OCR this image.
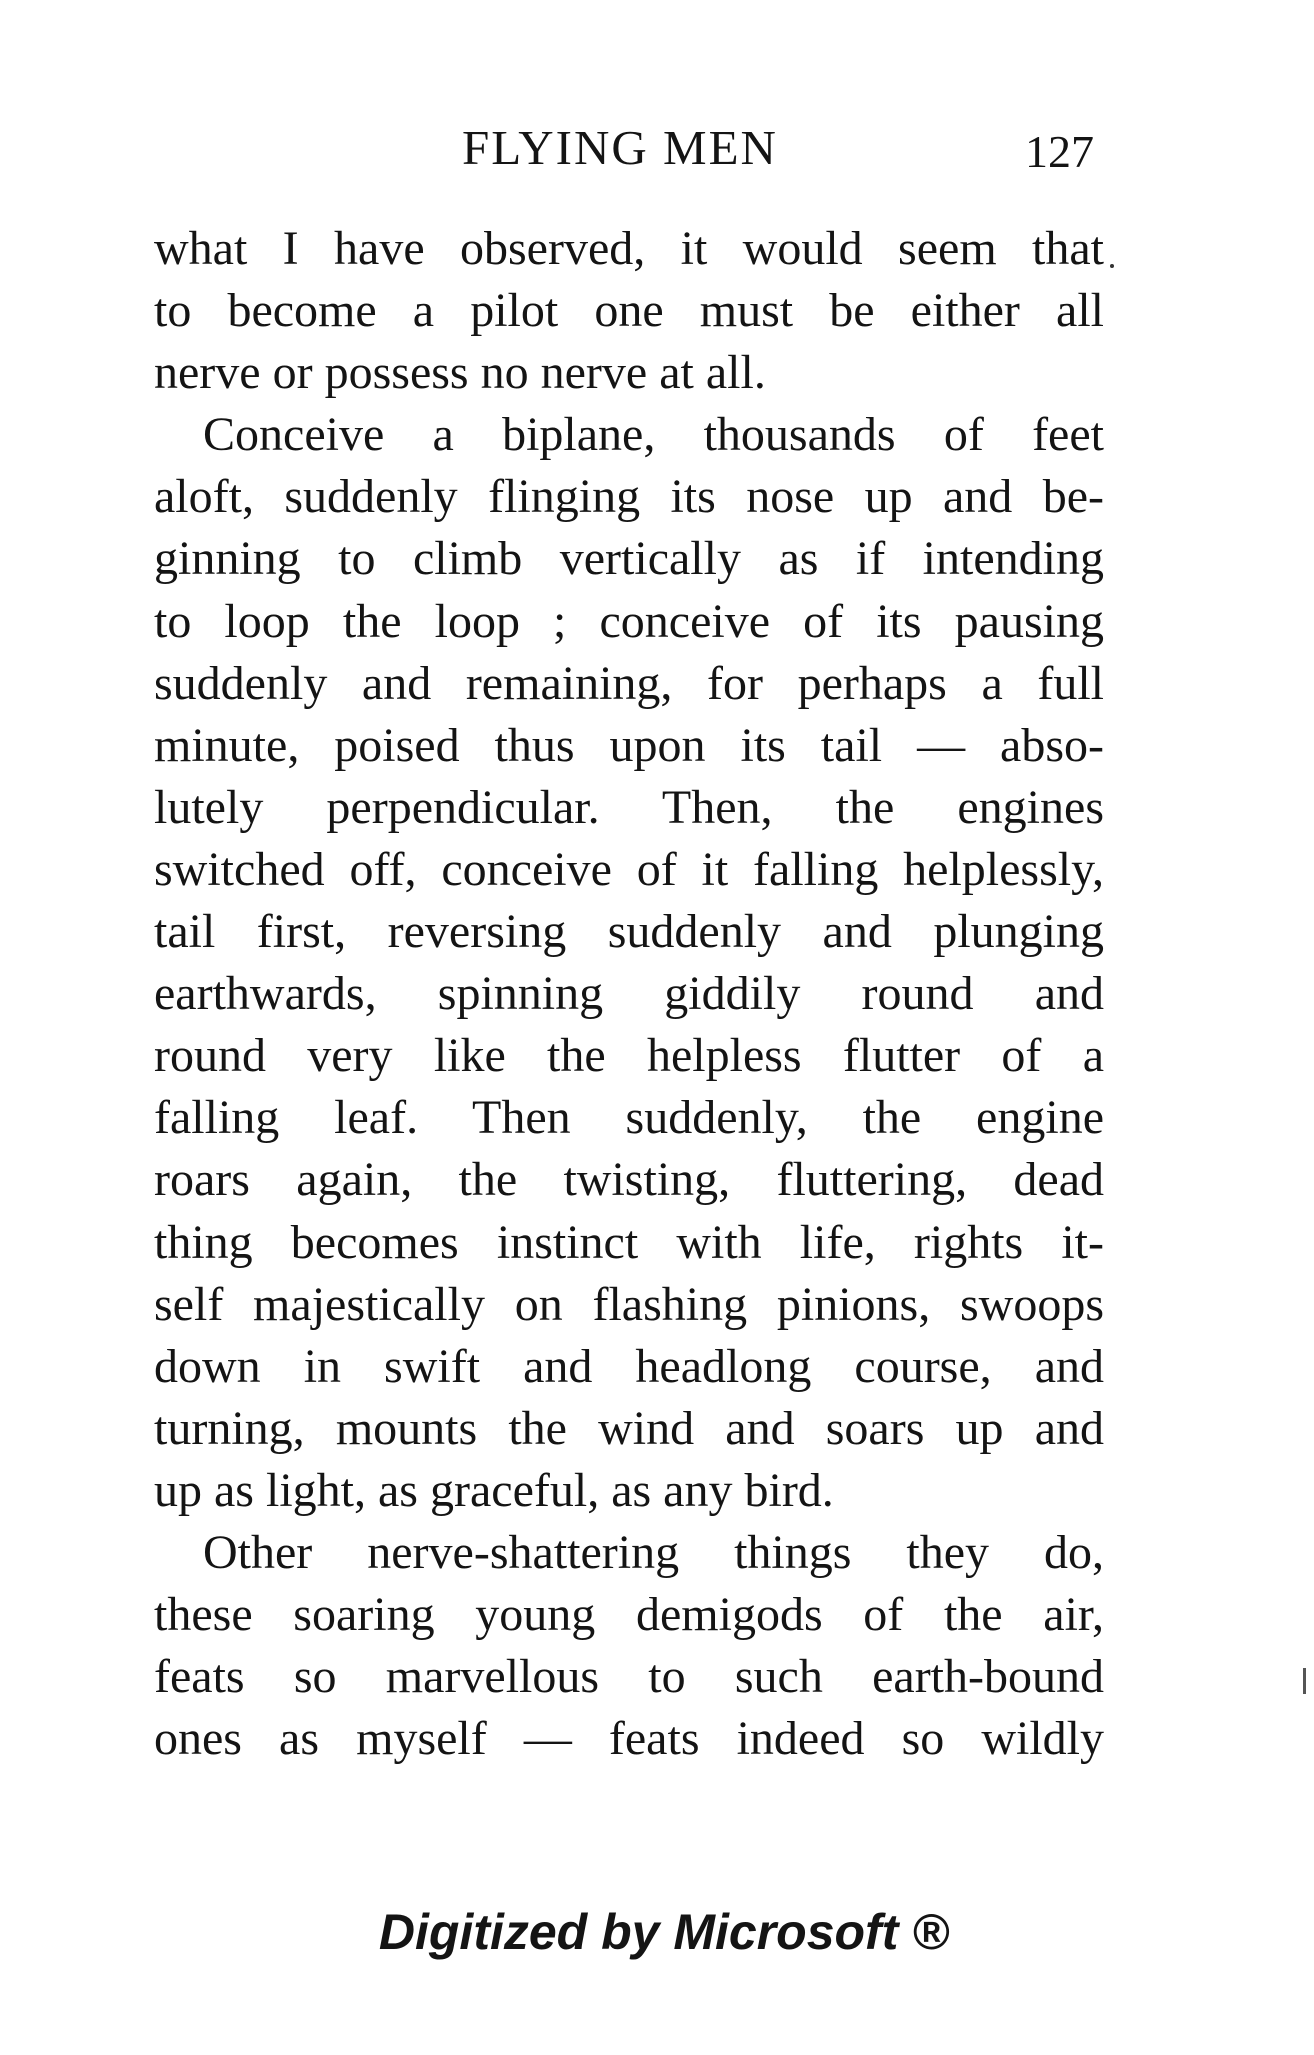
FLYING MEN	127
what I have observed, it would seem that
to become a pilot one must be either all
nerve or possess no nerve at all.
Conceive a biplane, thousands of feet
aloft, suddenly flinging its nose up and be-
ginning to climb vertically as if intending
to loop the loop ; conceive of its pausing
suddenly and remaining, for perhaps a full
minute, poised thus upon its tail — abso-
lutely perpendicular. Then, the engines
switched off, conceive of it falling helplessly,
tail first, reversing suddenly and plunging
earthwards, spinning giddily round and
round very like the helpless flutter of a
falling leaf. Then suddenly, the engine
roars again, the twisting, fluttering, dead
thing becomes instinct with life, rights it-
self majestically on flashing pinions, swoops
down in swift and headlong course, and
turning, mounts the wind and soars up and
up as light, as graceful, as any bird.
Other nerve-shattering things they do,
these soaring young demigods of the air,
feats so marvellous to such earth-bound
ones as myself — feats indeed so wildly
Digitized by Microsoft ®
